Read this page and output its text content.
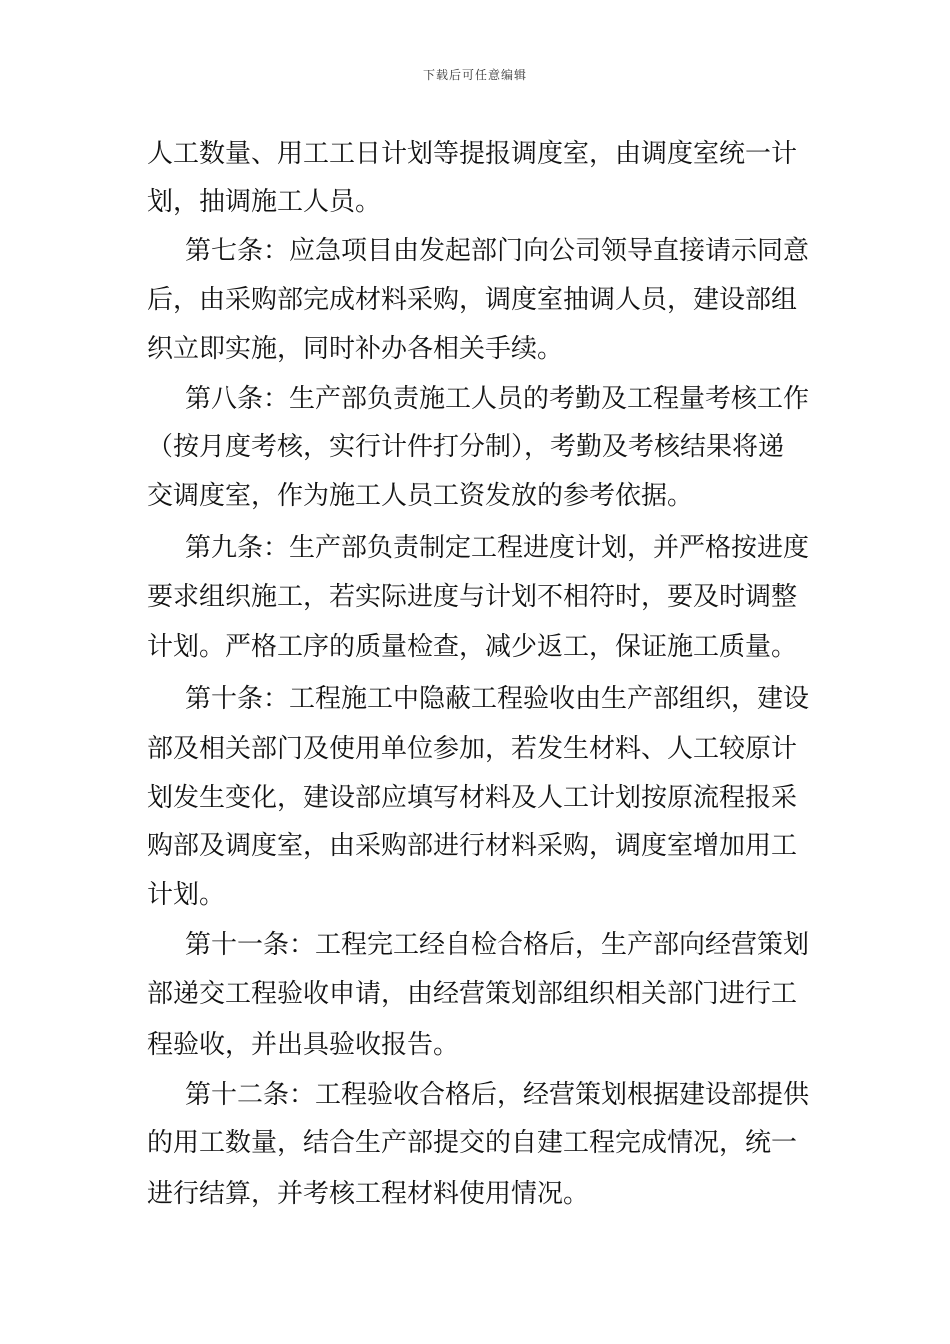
下载后可任意编辑
人工数量、用工工日计划等提报调度室，由调度室统一计
划，抽调施工人员。
第七条：应急项目由发起部门向公司领导直接请示同意
后，由采购部完成材料采购，调度室抽调人员，建设部组
织立即实施，同时补办各相关手续。
第八条：生产部负责施工人员的考勤及工程量考核工作
（按月度考核，实行计件打分制），考勤及考核结果将递
交调度室，作为施工人员工资发放的参考依据。
第九条：生产部负责制定工程进度计划，并严格按进度
要求组织施工，若实际进度与计划不相符时，要及时调整
计划。严格工序的质量检查，减少返工，保证施工质量。
第十条：工程施工中隐蔽工程验收由生产部组织，建设
部及相关部门及使用单位参加，若发生材料、人工较原计
划发生变化，建设部应填写材料及人工计划按原流程报采
购部及调度室，由采购部进行材料采购，调度室增加用工
计划。
第十一条：工程完工经自检合格后，生产部向经营策划
部递交工程验收申请，由经营策划部组织相关部门进行工
程验收，并出具验收报告。
第十二条：工程验收合格后，经营策划根据建设部提供
的用工数量，结合生产部提交的自建工程完成情况，统一
进行结算，并考核工程材料使用情况。
